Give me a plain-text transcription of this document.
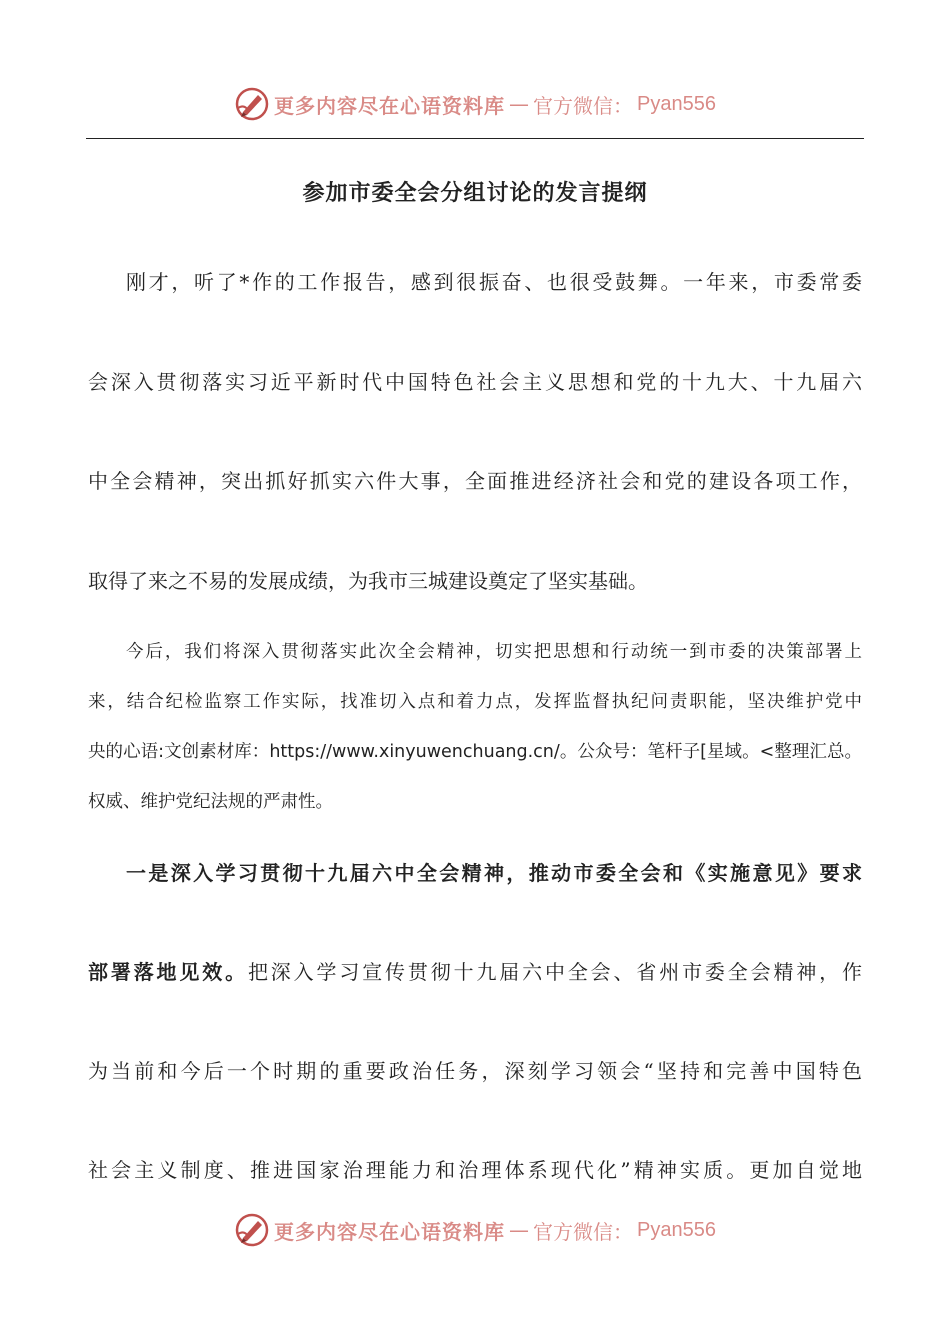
更多内容尽在心语资料库 — 官方微信： Pyan556
参加市委全会分组讨论的发言提纲
刚才，听了*作的工作报告，感到很振奋、也很受鼓舞。一年来，市委常委
会深入贯彻落实习近平新时代中国特色社会主义思想和党的十九大、十九届六
中全会精神，突出抓好抓实六件大事，全面推进经济社会和党的建设各项工作，
取得了来之不易的发展成绩，为我市三城建设奠定了坚实基础。
今后，我们将深入贯彻落实此次全会精神，切实把思想和行动统一到市委的决策部署上
来，结合纪检监察工作实际，找准切入点和着力点，发挥监督执纪问责职能，坚决维护党中
央的心语:文创素材库：https://www.xinyuwenchuang.cn/。公众号：笔杆子[星域。<整理汇总。
权威、维护党纪法规的严肃性。
一是深入学习贯彻十九届六中全会精神，推动市委全会和《实施意见》要求
部署落地见效。把深入学习宣传贯彻十九届六中全会、省州市委全会精神，作
为当前和今后一个时期的重要政治任务，深刻学习领会“坚持和完善中国特色
社会主义制度、推进国家治理能力和治理体系现代化”精神实质。更加自觉地
更多内容尽在心语资料库 — 官方微信： Pyan556
